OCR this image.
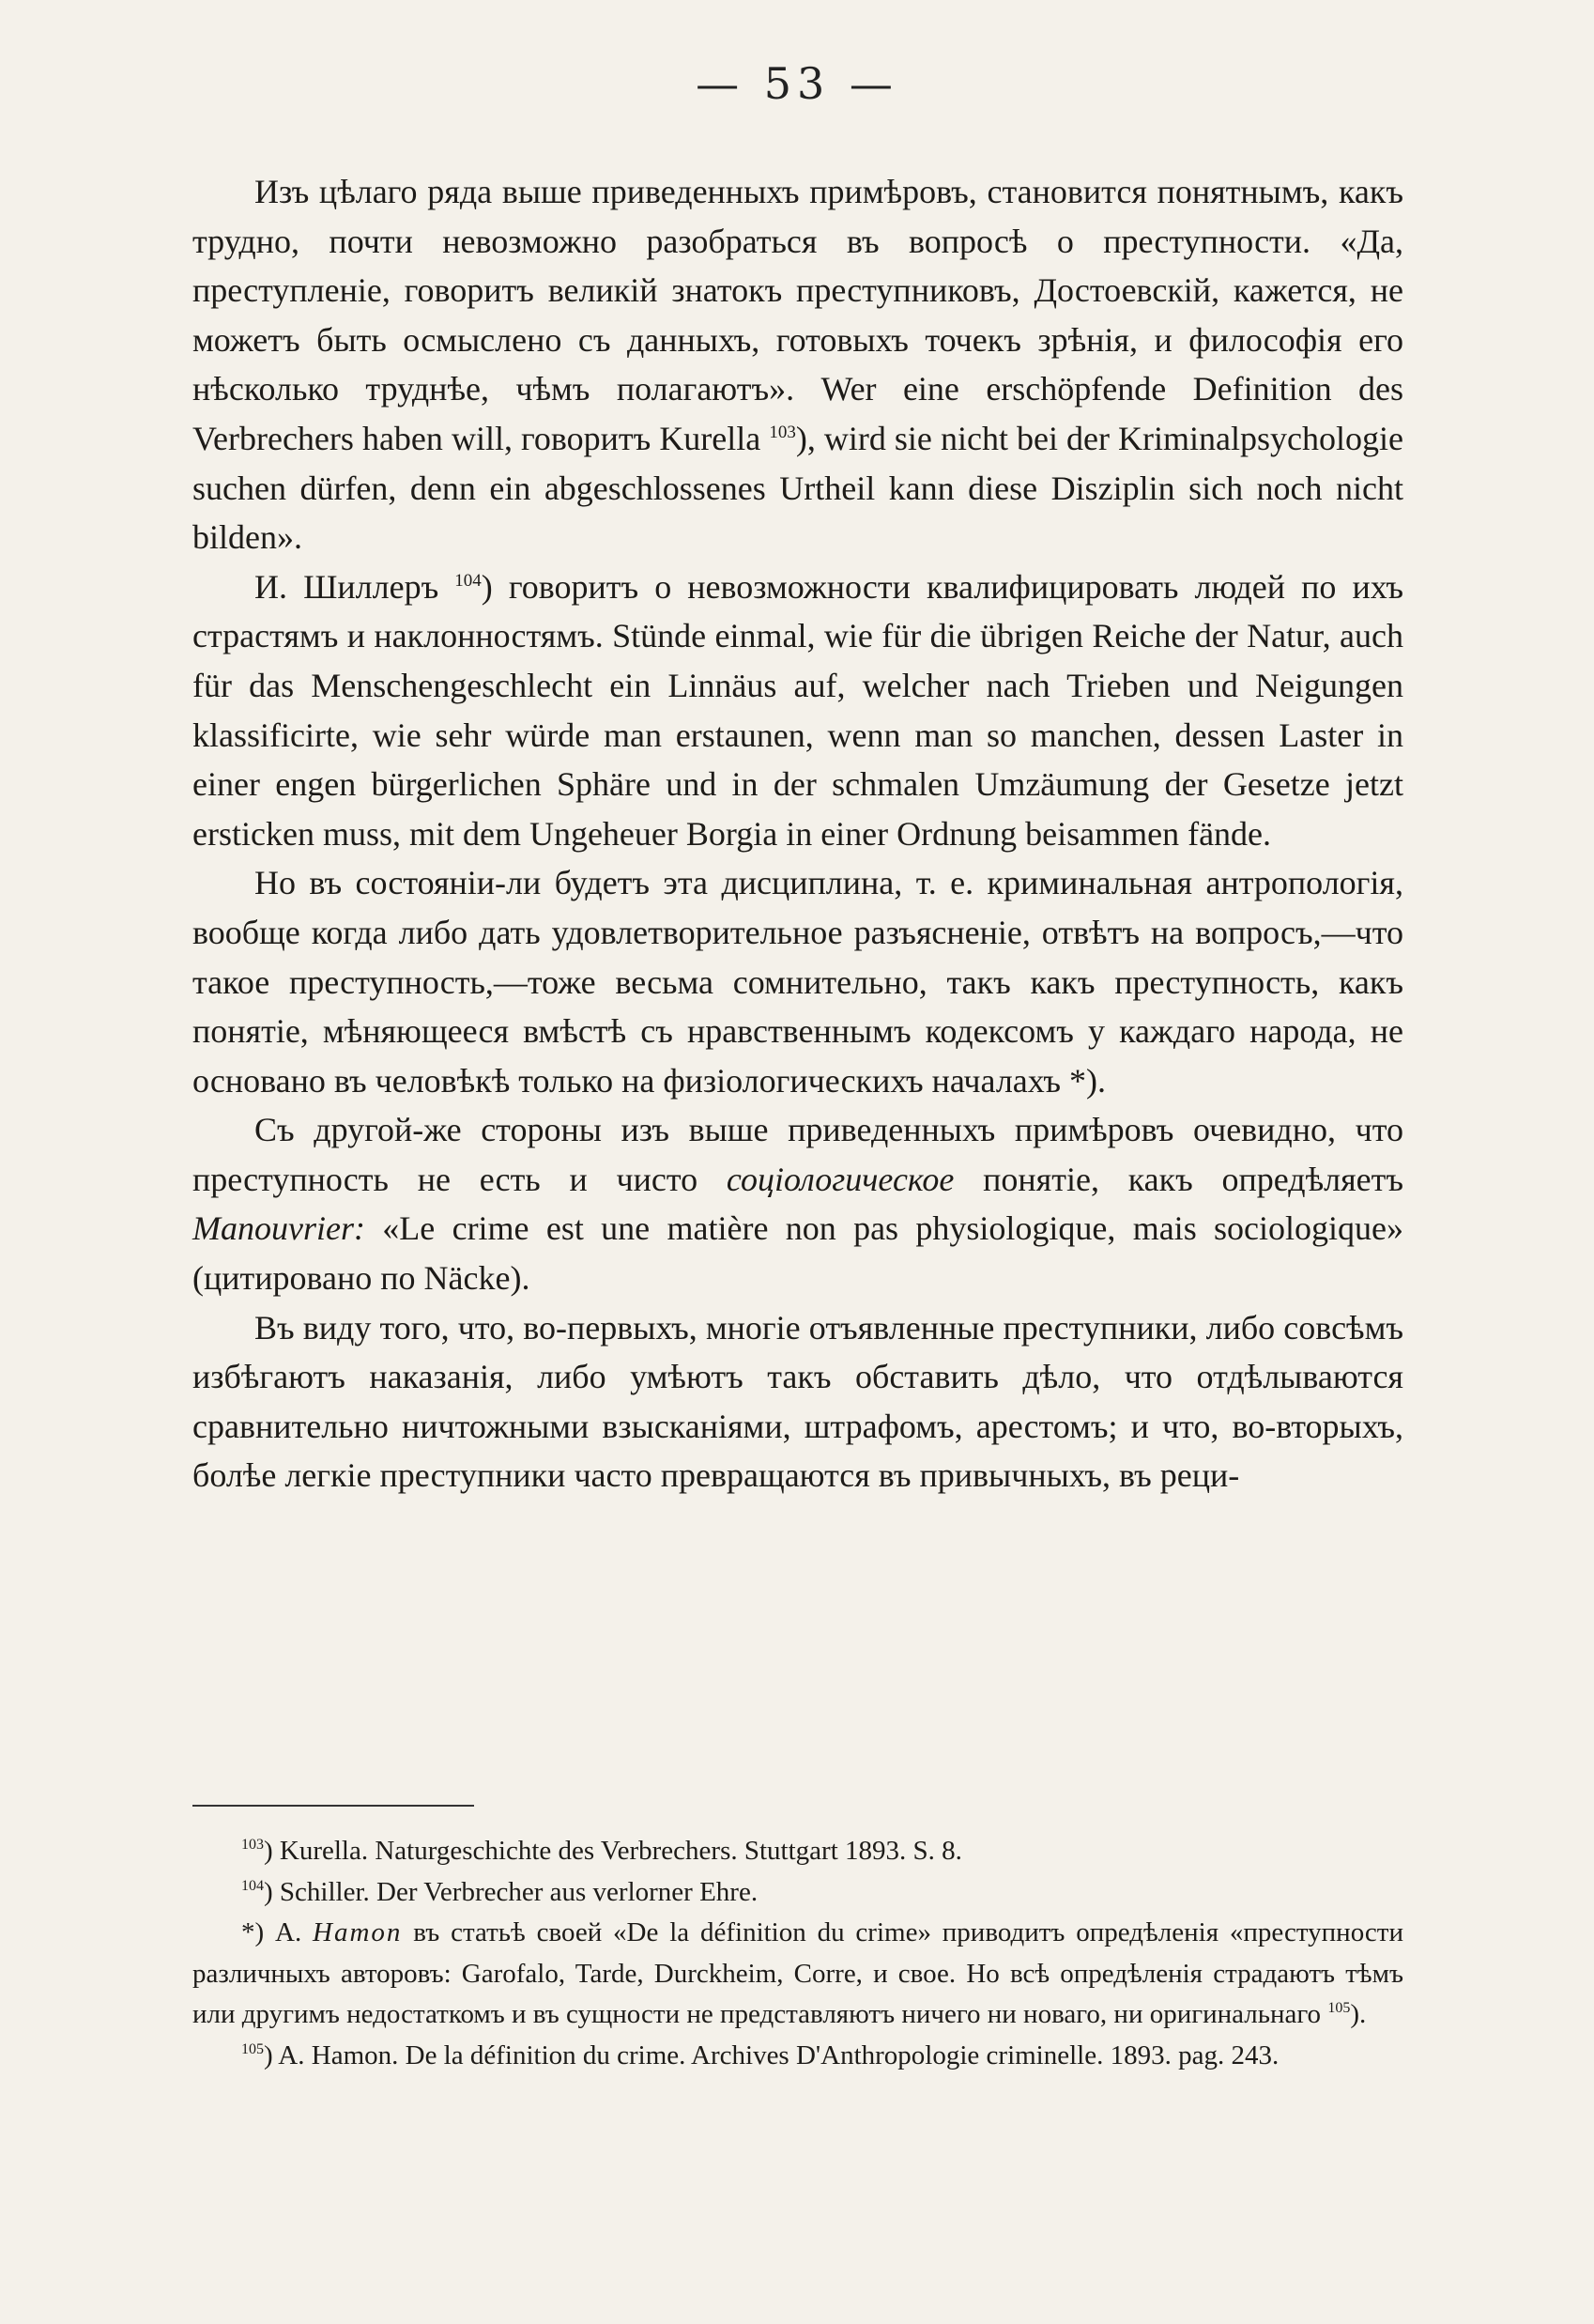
— 53 —

Изъ цѣлаго ряда выше приведенныхъ примѣровъ, становится понятнымъ, какъ трудно, почти невозможно разобраться въ вопросѣ о преступности. «Да, преступленіе, говоритъ великій знатокъ преступниковъ, Достоевскій, кажется, не можетъ быть осмыслено съ данныхъ, готовыхъ точекъ зрѣнія, и философія его нѣсколько труднѣе, чѣмъ полагаютъ». Wer eine erschöpfende Definition des Verbrechers haben will, говоритъ Kurella $^{103}$), wird sie nicht bei der Kriminalpsychologie suchen dürfen, denn ein abgeschlossenes Urtheil kann diese Disziplin sich noch nicht bilden».

И. Шиллеръ $^{104}$) говоритъ о невозможности квалифицировать людей по ихъ страстямъ и наклонностямъ. Stünde einmal, wie für die übrigen Reiche der Natur, auch für das Menschengeschlecht ein Linnäus auf, welcher nach Trieben und Neigungen klassificirte, wie sehr würde man erstaunen, wenn man so manchen, dessen Laster in einer engen bürgerlichen Sphäre und in der schmalen Umzäumung der Gesetze jetzt ersticken muss, mit dem Ungeheuer Borgia in einer Ordnung beisammen fände.

Но въ состояніи-ли будетъ эта дисциплина, т. е. криминальная антропологія, вообще когда либо дать удовлетворительное разъясненіе, отвѣтъ на вопросъ,—что такое преступность,—тоже весьма сомнительно, такъ какъ преступность, какъ понятіе, мѣняющееся вмѣстѣ съ нравственнымъ кодексомъ у каждаго народа, не основано въ человѣкѣ только на физіологическихъ началахъ *).

Съ другой-же стороны изъ выше приведенныхъ примѣровъ очевидно, что преступность не есть и чисто соціологическое понятіе, какъ опредѣляетъ Manouvrier: «Le crime est une matière non pas physiologique, mais sociologique» (цитировано по Näcke).

Въ виду того, что, во-первыхъ, многіе отъявленные преступники, либо совсѣмъ избѣгаютъ наказанія, либо умѣютъ такъ обставить дѣло, что отдѣлываются сравнительно ничтожными взысканіями, штрафомъ, арестомъ; и что, во-вторыхъ, болѣе легкіе преступники часто превращаются въ привычныхъ, въ реци-

$^{103}$) Kurella. Naturgeschichte des Verbrechers. Stuttgart 1893. S. 8.

$^{104}$) Schiller. Der Verbrecher aus verlorner Ehre.

*) А. Hamon въ статьѣ своей «De la définition du crime» приводитъ опредѣленія «преступности различныхъ авторовъ: Garofalo, Tarde, Durckheim, Corre, и свое. Но всѣ опредѣленія страдаютъ тѣмъ или другимъ недостаткомъ и въ сущности не представляютъ ничего ни новаго, ни оригинальнаго $^{105}$).

$^{105}$) A. Hamon. De la définition du crime. Archives D'Anthropologie criminelle. 1893. pag. 243.
